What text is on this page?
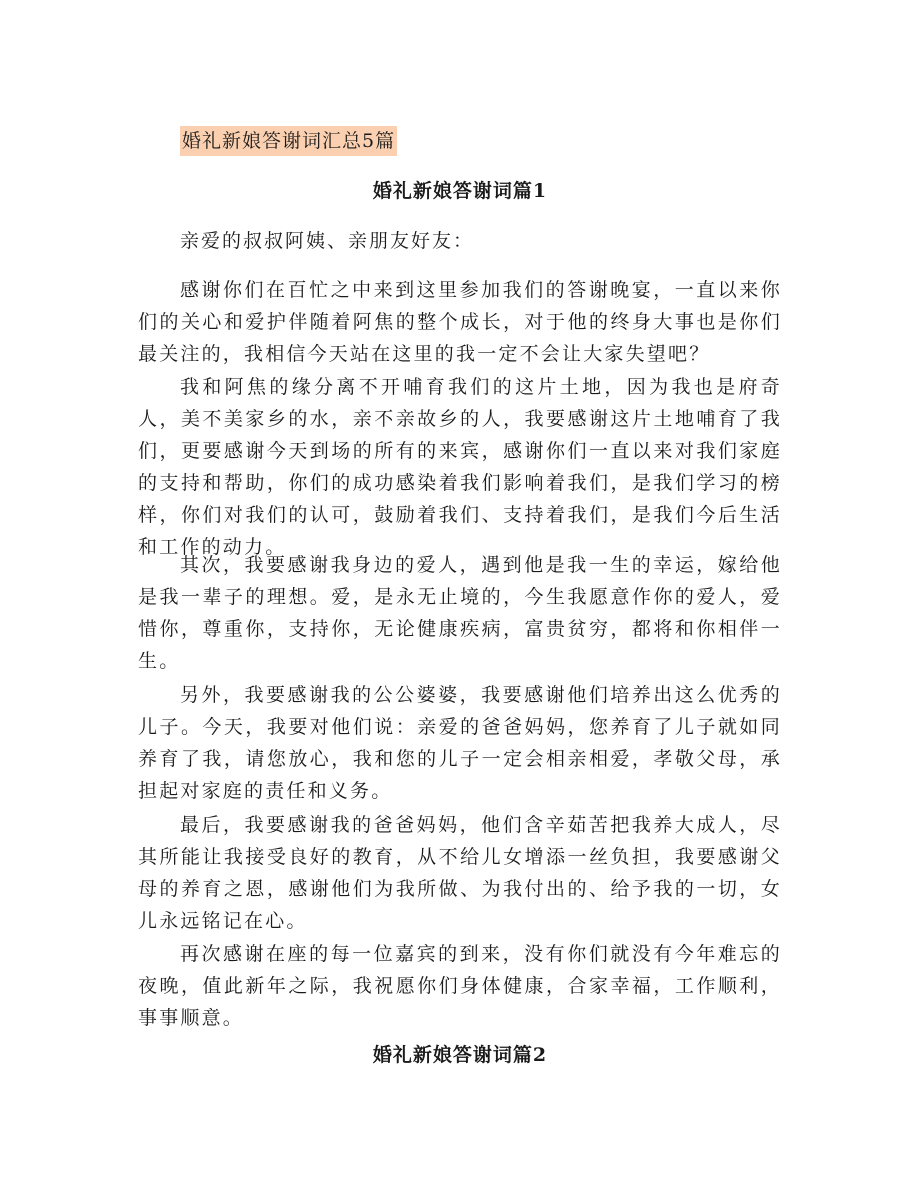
婚礼新娘答谢词汇总5篇
婚礼新娘答谢词篇1

亲爱的叔叔阿姨、亲朋友好友：

感谢你们在百忙之中来到这里参加我们的答谢晚宴，一直以来你们的关心和爱护伴随着阿焦的整个成长，对于他的终身大事也是你们最关注的，我相信今天站在这里的我一定不会让大家失望吧？

我和阿焦的缘分离不开哺育我们的这片土地，因为我也是府奇人，美不美家乡的水，亲不亲故乡的人，我要感谢这片土地哺育了我们，更要感谢今天到场的所有的来宾，感谢你们一直以来对我们家庭的支持和帮助，你们的成功感染着我们影响着我们，是我们学习的榜样，你们对我们的认可，鼓励着我们、支持着我们，是我们今后生活和工作的动力。

其次，我要感谢我身边的爱人，遇到他是我一生的幸运，嫁给他是我一辈子的理想。爱，是永无止境的，今生我愿意作你的爱人，爱惜你，尊重你，支持你，无论健康疾病，富贵贫穷，都将和你相伴一生。

另外，我要感谢我的公公婆婆，我要感谢他们培养出这么优秀的儿子。今天，我要对他们说：亲爱的爸爸妈妈，您养育了儿子就如同养育了我，请您放心，我和您的儿子一定会相亲相爱，孝敬父母，承担起对家庭的责任和义务。

最后，我要感谢我的爸爸妈妈，他们含辛茹苦把我养大成人，尽其所能让我接受良好的教育，从不给儿女增添一丝负担，我要感谢父母的养育之恩，感谢他们为我所做、为我付出的、给予我的一切，女儿永远铭记在心。

再次感谢在座的每一位嘉宾的到来，没有你们就没有今年难忘的夜晚，值此新年之际，我祝愿你们身体健康，合家幸福，工作顺利，事事顺意。

婚礼新娘答谢词篇2
